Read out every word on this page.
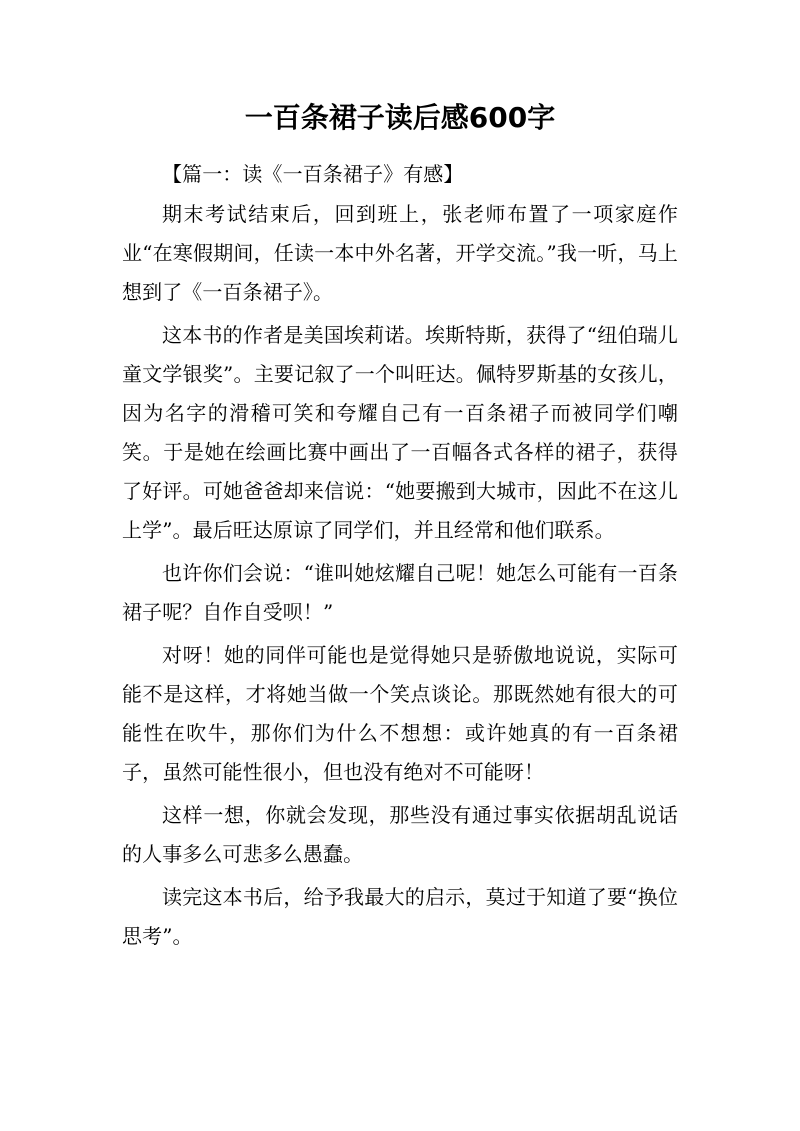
一百条裙子读后感600字

【篇一：读《一百条裙子》有感】

期末考试结束后，回到班上，张老师布置了一项家庭作业“在寒假期间，任读一本中外名著，开学交流。”我一听，马上想到了《一百条裙子》。

这本书的作者是美国埃莉诺。埃斯特斯，获得了“纽伯瑞儿童文学银奖”。主要记叙了一个叫旺达。佩特罗斯基的女孩儿，因为名字的滑稽可笑和夸耀自己有一百条裙子而被同学们嘲笑。于是她在绘画比赛中画出了一百幅各式各样的裙子，获得了好评。可她爸爸却来信说：“她要搬到大城市，因此不在这儿上学”。最后旺达原谅了同学们，并且经常和他们联系。

也许你们会说：“谁叫她炫耀自己呢！她怎么可能有一百条裙子呢？自作自受呗！”

对呀！她的同伴可能也是觉得她只是骄傲地说说，实际可能不是这样，才将她当做一个笑点谈论。那既然她有很大的可能性在吹牛，那你们为什么不想想：或许她真的有一百条裙子，虽然可能性很小，但也没有绝对不可能呀！

这样一想，你就会发现，那些没有通过事实依据胡乱说话的人事多么可悲多么愚蠢。

读完这本书后，给予我最大的启示，莫过于知道了要“换位思考”。
